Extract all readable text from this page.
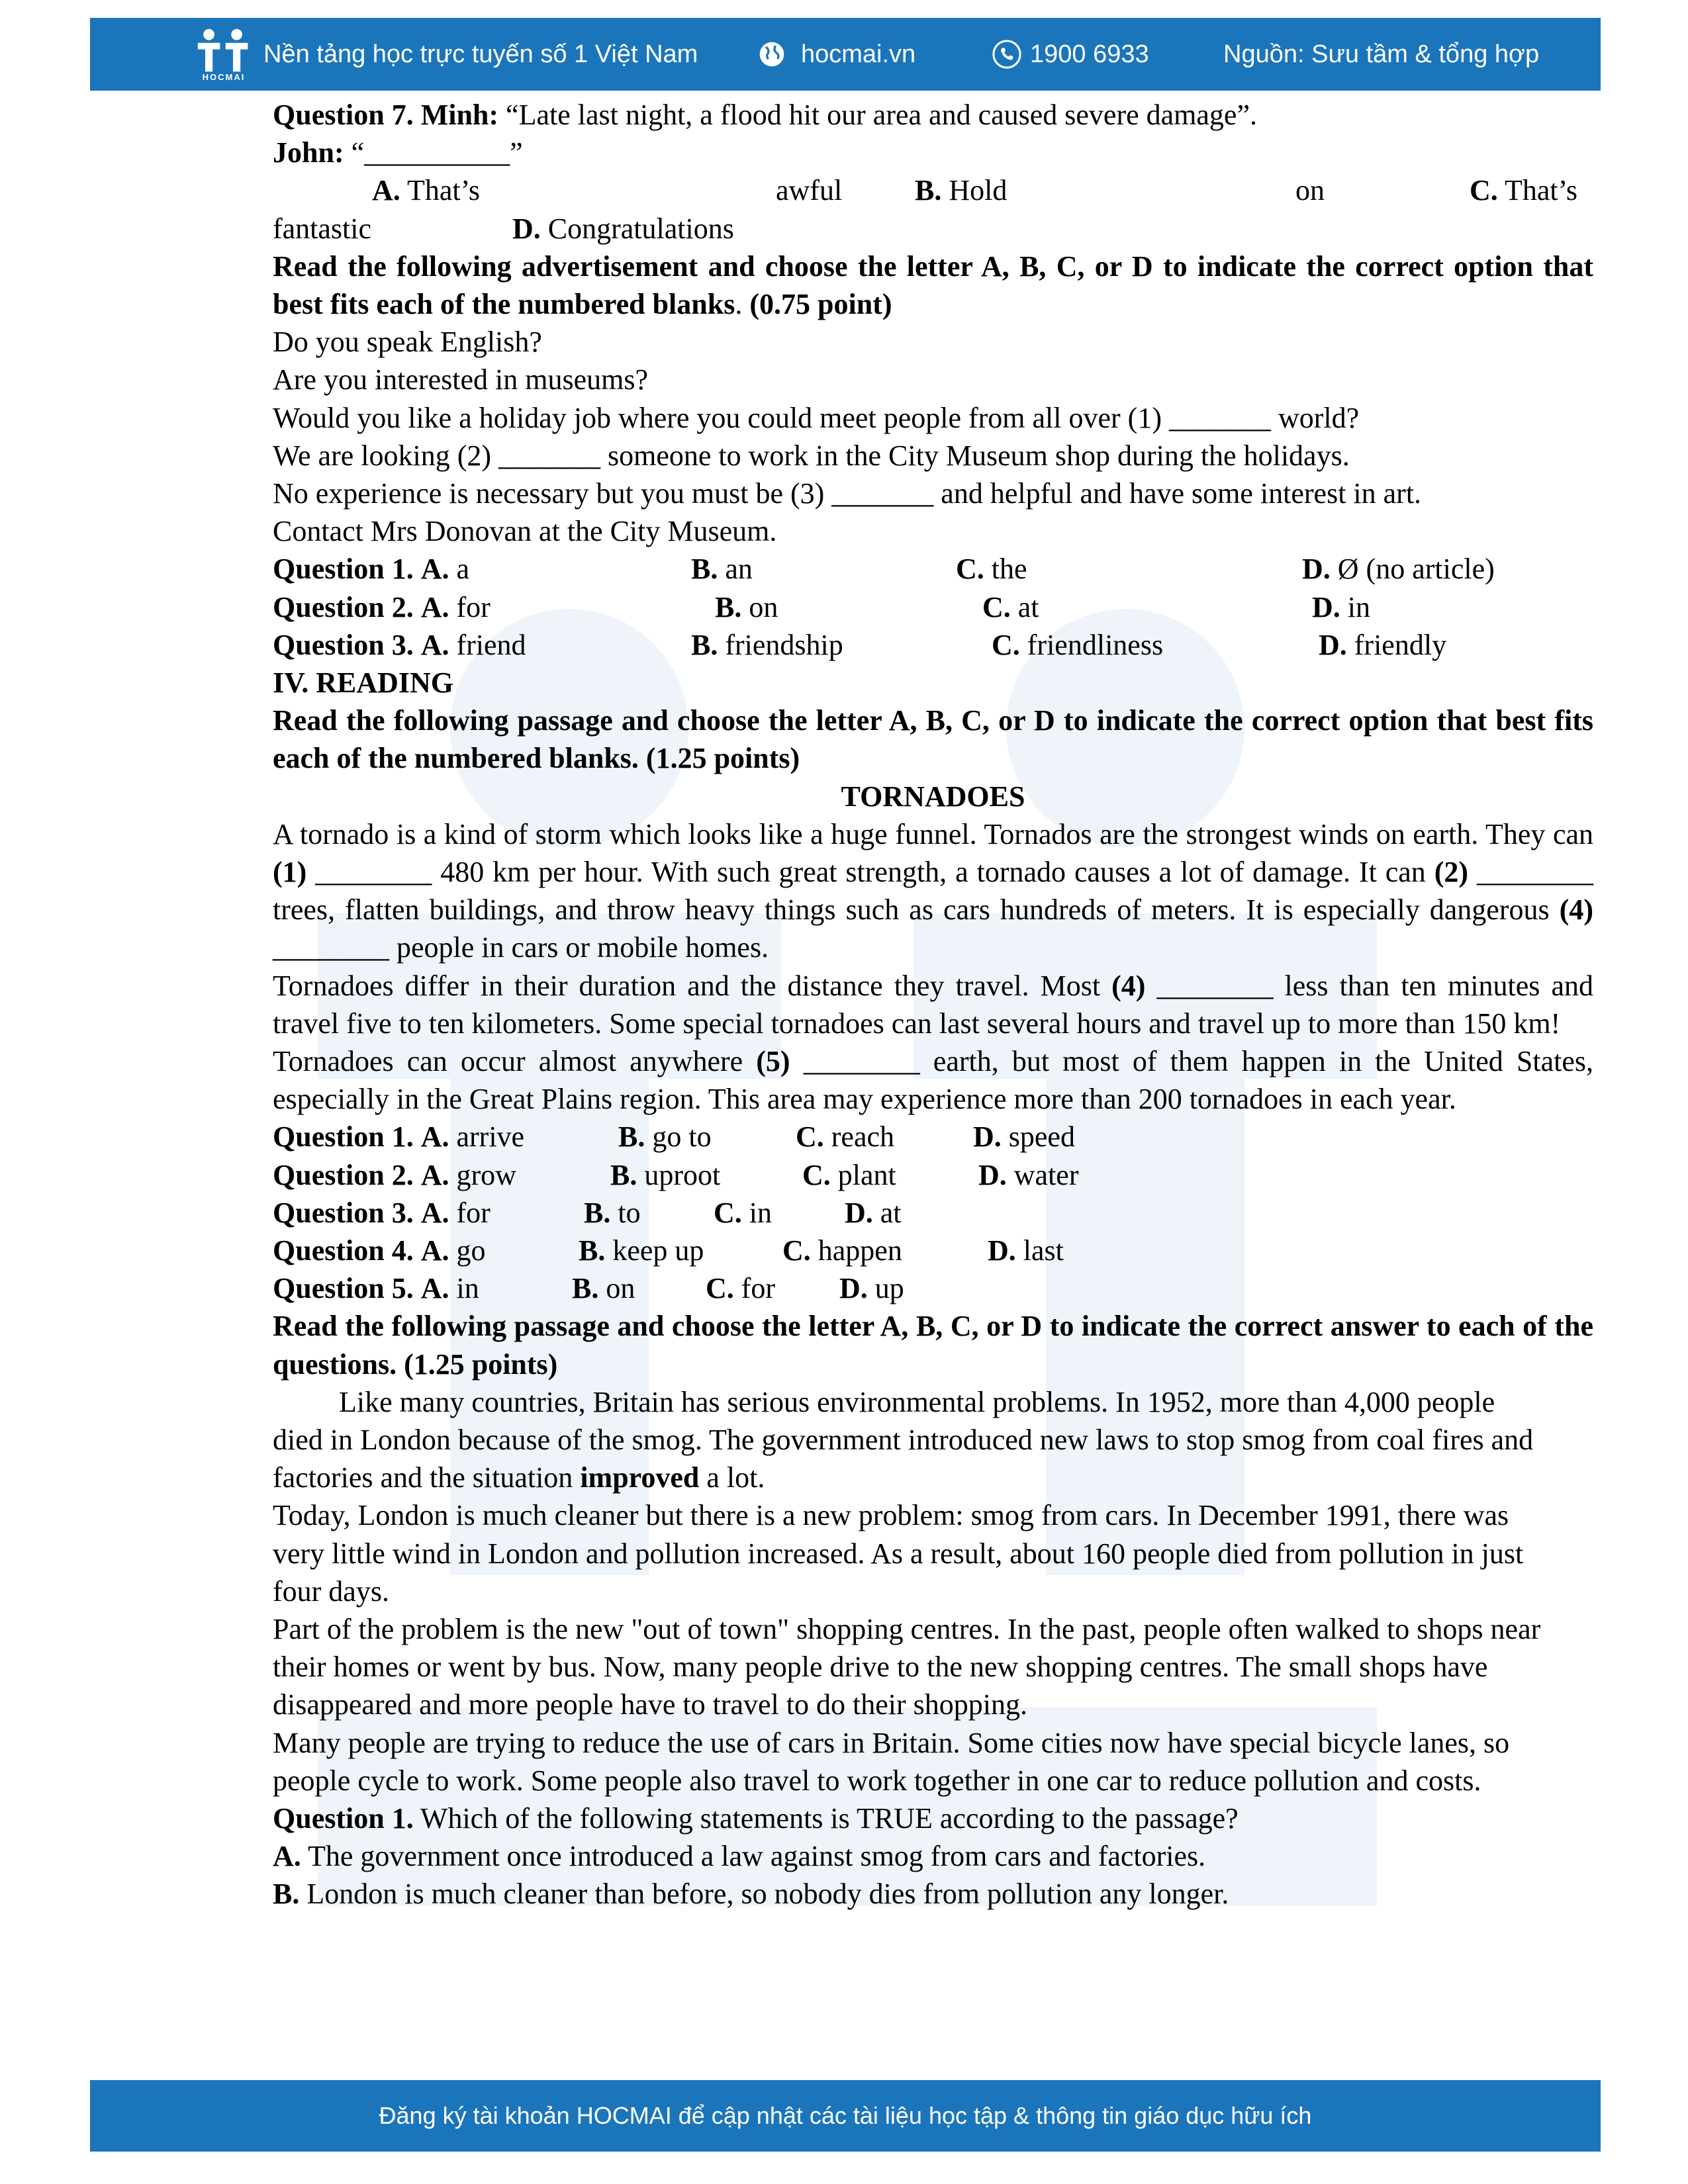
HOCMAI
Nền tảng học trực tuyến số 1 Việt Nam	hocmai.vn	1900 6933	Nguồn: Sưu tầm & tổng hợp

Question 7. Minh: “Late last night, a flood hit our area and caused severe damage”.

John: “__________”

A. That’s	awful B. Hold	on	C. That’s
fantastic	D. Congratulations

Read the following advertisement and choose the letter A, B, C, or D to indicate the correct option that best fits each of the numbered blanks. (0.75 point)

Do you speak English?

Are you interested in museums?

Would you like a holiday job where you could meet people from all over (1) _______ world?

We are looking (2) _______ someone to work in the City Museum shop during the holidays.

No experience is necessary but you must be (3) _______ and helpful and have some interest in art.

Contact Mrs Donovan at the City Museum.

Question 1. A. a	B. an	C. the	D. Ø (no article)
Question 2. A. for	B. on	C. at	D. in
Question 3. A. friend	B. friendship	C. friendliness	D. friendly

IV. READING

Read the following passage and choose the letter A, B, C, or D to indicate the correct option that best fits each of the numbered blanks. (1.25 points)

TORNADOES

A tornado is a kind of storm which looks like a huge funnel. Tornados are the strongest winds on earth. They can (1) ________ 480 km per hour. With such great strength, a tornado causes a lot of damage. It can (2) ________ trees, flatten buildings, and throw heavy things such as cars hundreds of meters. It is especially dangerous (4) ________ people in cars or mobile homes.

Tornadoes differ in their duration and the distance they travel. Most (4) ________ less than ten minutes and travel five to ten kilometers. Some special tornadoes can last several hours and travel up to more than 150 km!

Tornadoes can occur almost anywhere (5) ________ earth, but most of them happen in the United States, especially in the Great Plains region. This area may experience more than 200 tornadoes in each year.

Question 1. A. arrive	B. go to	C. reach	D. speed
Question 2. A. grow	B. uproot	C. plant	D. water
Question 3. A. for	B. to	C. in D. at
Question 4. A. go	B. keep up	C. happen	D. last
Question 5. A. in	B. on C. for D. up

Read the following passage and choose the letter A, B, C, or D to indicate the correct answer to each of the questions. (1.25 points)

Like many countries, Britain has serious environmental problems. In 1952, more than 4,000 people died in London because of the smog. The government introduced new laws to stop smog from coal fires and factories and the situation improved a lot.

Today, London is much cleaner but there is a new problem: smog from cars. In December 1991, there was very little wind in London and pollution increased. As a result, about 160 people died from pollution in just four days.

Part of the problem is the new "out of town" shopping centres. In the past, people often walked to shops near their homes or went by bus. Now, many people drive to the new shopping centres. The small shops have disappeared and more people have to travel to do their shopping.

Many people are trying to reduce the use of cars in Britain. Some cities now have special bicycle lanes, so people cycle to work. Some people also travel to work together in one car to reduce pollution and costs.

Question 1. Which of the following statements is TRUE according to the passage?

A. The government once introduced a law against smog from cars and factories.

B. London is much cleaner than before, so nobody dies from pollution any longer.

Đăng ký tài khoản HOCMAI để cập nhật các tài liệu học tập & thông tin giáo dục hữu ích
